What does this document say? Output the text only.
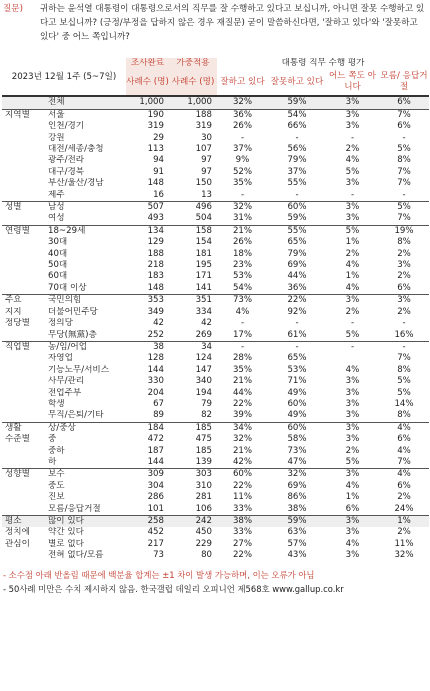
질문) 귀하는 윤석열 대통령이 대통령으로서의 직무를 잘 수행하고 있다고 보십니까, 아니면 잘못 수행하고 있다고 보십니까? (긍정/부정을 답하지 않은 경우 재질문) 굳이 말씀하신다면, '잘하고 있다'와 '잘못하고 있다' 중 어느 쪽입니까?
2023년 12월 1주 (5~7일)		조사완료	가중적용	대통령 직무 수행 평가			
		사례수 (명)	사례수 (명)	잘하고 있다	잘못하고 있다	어느 쪽도 아니다	모름/ 응답거절
	전체	1,000	1,000	32%	59%	3%	6%
지역별	서울	190	188	36%	54%	3%	7%
	인천/경기	319	319	26%	66%	3%	6%
	강원	29	30	-	-	-	-
	대전/세종/충청	113	107	37%	56%	2%	5%
	광주/전라	94	97	9%	79%	4%	8%
	대구/경북	91	97	52%	37%	5%	7%
	부산/울산/경남	148	150	35%	55%	3%	7%
	제주	16	13	-	-	-	-
성별	남성	507	496	32%	60%	3%	5%
	여성	493	504	31%	59%	3%	7%
연령별	18~29세	134	158	21%	55%	5%	19%
	30대	129	154	26%	65%	1%	8%
	40대	188	181	18%	79%	2%	2%
	50대	218	195	23%	69%	4%	3%
	60대	183	171	53%	44%	1%	2%
	70대 이상	148	141	54%	36%	4%	6%
주요	국민의힘	353	351	73%	22%	3%	3%
지지	더불어민주당	349	334	4%	92%	2%	2%
정당별	정의당	42	42	-	-	-	-
	무당(無黨)층	252	269	17%	61%	5%	16%
직업별	농/임/어업	38	34	-	-	-	-
	자영업	128	124	28%	65%		7%
	기능노무/서비스	144	147	35%	53%	4%	8%
	사무/관리	330	340	21%	71%	3%	5%
	전업주부	204	194	44%	49%	3%	5%
	학생	67	79	22%	60%	3%	14%
	무직/은퇴/기타	89	82	39%	49%	3%	8%
생활	상/중상	184	185	34%	60%	3%	4%
수준별	중	472	475	32%	58%	3%	6%
	중하	187	185	21%	73%	2%	4%
	하	144	139	42%	47%	5%	7%
성향별	보수	309	303	60%	32%	3%	4%
	중도	304	310	22%	69%	4%	6%
	진보	286	281	11%	86%	1%	2%
	모름/응답거절	101	106	33%	38%	6%	24%
평소	많이 있다	258	242	38%	59%	3%	1%
정치에	약간 있다	452	450	33%	63%	3%	2%
관심이	별로 없다	217	229	27%	57%	4%	11%
	전혀 없다/모름	73	80	22%	43%	3%	32%
- 소수점 아래 반올림 때문에 백분율 합계는 ±1 차이 발생 가능하며, 이는 오류가 아님
- 50사례 미만은 수치 제시하지 않음. 한국갤럽 데일리 오피니언 제568호 www.gallup.co.kr
